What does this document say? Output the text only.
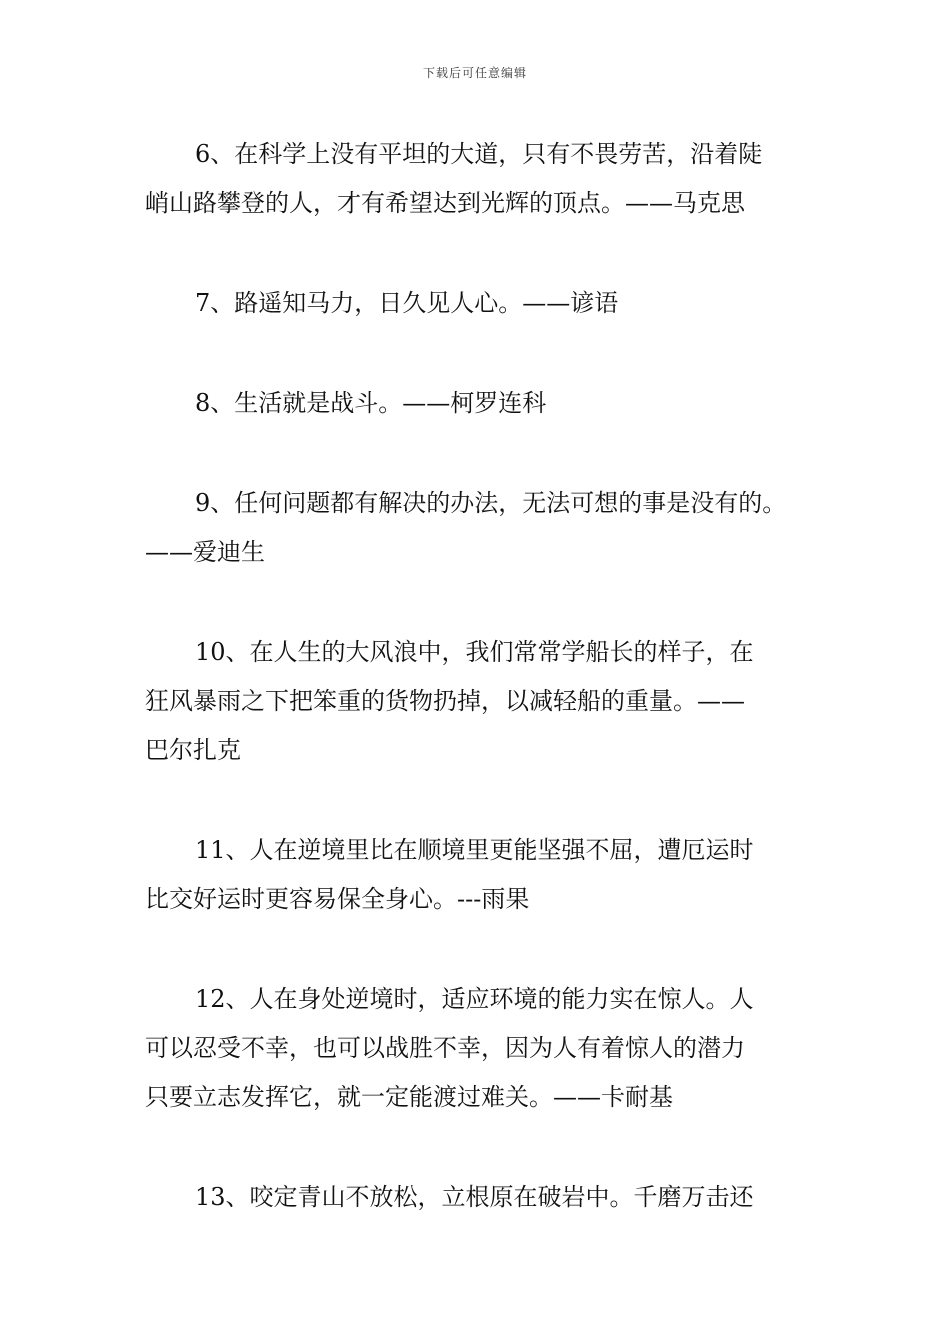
下载后可任意编辑
6、在科学上没有平坦的大道，只有不畏劳苦，沿着陡
峭山路攀登的人，才有希望达到光辉的顶点。——马克思
7、路遥知马力，日久见人心。——谚语
8、生活就是战斗。——柯罗连科
9、任何问题都有解决的办法，无法可想的事是没有的。
——爱迪生
10、在人生的大风浪中，我们常常学船长的样子，在
狂风暴雨之下把笨重的货物扔掉，以减轻船的重量。——
巴尔扎克
11、人在逆境里比在顺境里更能坚强不屈，遭厄运时
比交好运时更容易保全身心。---雨果
12、人在身处逆境时，适应环境的能力实在惊人。人
可以忍受不幸，也可以战胜不幸，因为人有着惊人的潜力
只要立志发挥它，就一定能渡过难关。——卡耐基
13、咬定青山不放松，立根原在破岩中。千磨万击还
